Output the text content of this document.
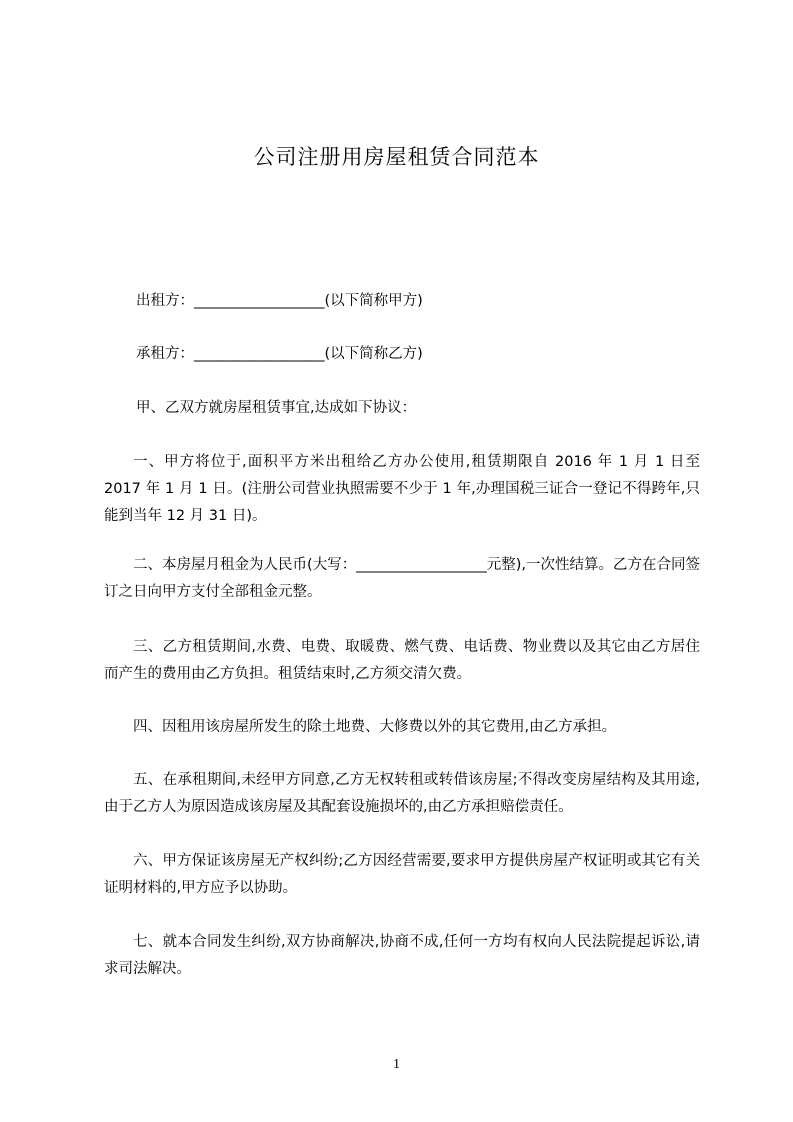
公司注册用房屋租赁合同范本

出租方：__________________(以下简称甲方)

承租方：__________________(以下简称乙方)

甲、乙双方就房屋租赁事宜,达成如下协议：

一、甲方将位于,面积平方米出租给乙方办公使用,租赁期限自 2016 年 1 月 1 日至 2017 年 1 月 1 日。(注册公司营业执照需要不少于 1 年,办理国税三证合一登记不得跨年,只能到当年 12 月 31 日)。

二、本房屋月租金为人民币(大写：__________________元整),一次性结算。乙方在合同签订之日向甲方支付全部租金元整。

三、乙方租赁期间,水费、电费、取暖费、燃气费、电话费、物业费以及其它由乙方居住而产生的费用由乙方负担。租赁结束时,乙方须交清欠费。

四、因租用该房屋所发生的除土地费、大修费以外的其它费用,由乙方承担。

五、在承租期间,未经甲方同意,乙方无权转租或转借该房屋;不得改变房屋结构及其用途,由于乙方人为原因造成该房屋及其配套设施损坏的,由乙方承担赔偿责任。

六、甲方保证该房屋无产权纠纷;乙方因经营需要,要求甲方提供房屋产权证明或其它有关证明材料的,甲方应予以协助。

七、就本合同发生纠纷,双方协商解决,协商不成,任何一方均有权向人民法院提起诉讼,请求司法解决。

1
